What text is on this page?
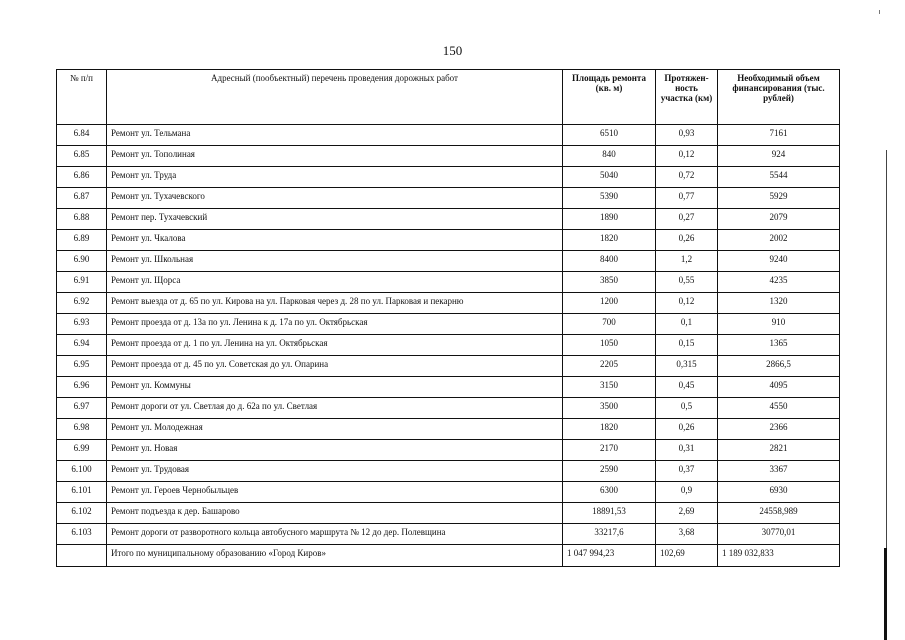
150
№ п/п	Адресный (пообъектный) перечень проведения дорожных работ	Площадь ремонта (кв. м)	Протяжен-ность участка (км)	Необходимый объем финансирования (тыс. рублей)
6.84	Ремонт ул. Тельмана	6510	0,93	7161
6.85	Ремонт ул. Тополиная	840	0,12	924
6.86	Ремонт ул. Труда	5040	0,72	5544
6.87	Ремонт ул. Тухачевского	5390	0,77	5929
6.88	Ремонт пер. Тухачевский	1890	0,27	2079
6.89	Ремонт ул. Чкалова	1820	0,26	2002
6.90	Ремонт ул. Школьная	8400	1,2	9240
6.91	Ремонт ул. Щорса	3850	0,55	4235
6.92	Ремонт выезда от д. 65 по ул. Кирова на ул. Парковая через д. 28 по ул. Парковая и пекарню	1200	0,12	1320
6.93	Ремонт проезда от д. 13а по ул. Ленина к д. 17а по ул. Октябрьская	700	0,1	910
6.94	Ремонт проезда от д. 1 по ул. Ленина на ул. Октябрьская	1050	0,15	1365
6.95	Ремонт проезда от д. 45 по ул. Советская до ул. Опарина	2205	0,315	2866,5
6.96	Ремонт ул. Коммуны	3150	0,45	4095
6.97	Ремонт дороги от ул. Светлая до д. 62а по ул. Светлая	3500	0,5	4550
6.98	Ремонт ул. Молодежная	1820	0,26	2366
6.99	Ремонт ул. Новая	2170	0,31	2821
6.100	Ремонт ул. Трудовая	2590	0,37	3367
6.101	Ремонт ул. Героев Чернобыльцев	6300	0,9	6930
6.102	Ремонт подъезда к дер. Башарово	18891,53	2,69	24558,989
6.103	Ремонт дороги от разворотного кольца автобусного маршрута № 12 до дер. Полевщина	33217,6	3,68	30770,01
	Итого по муниципальному образованию «Город Киров»	1 047 994,23	102,69	1 189 032,833
